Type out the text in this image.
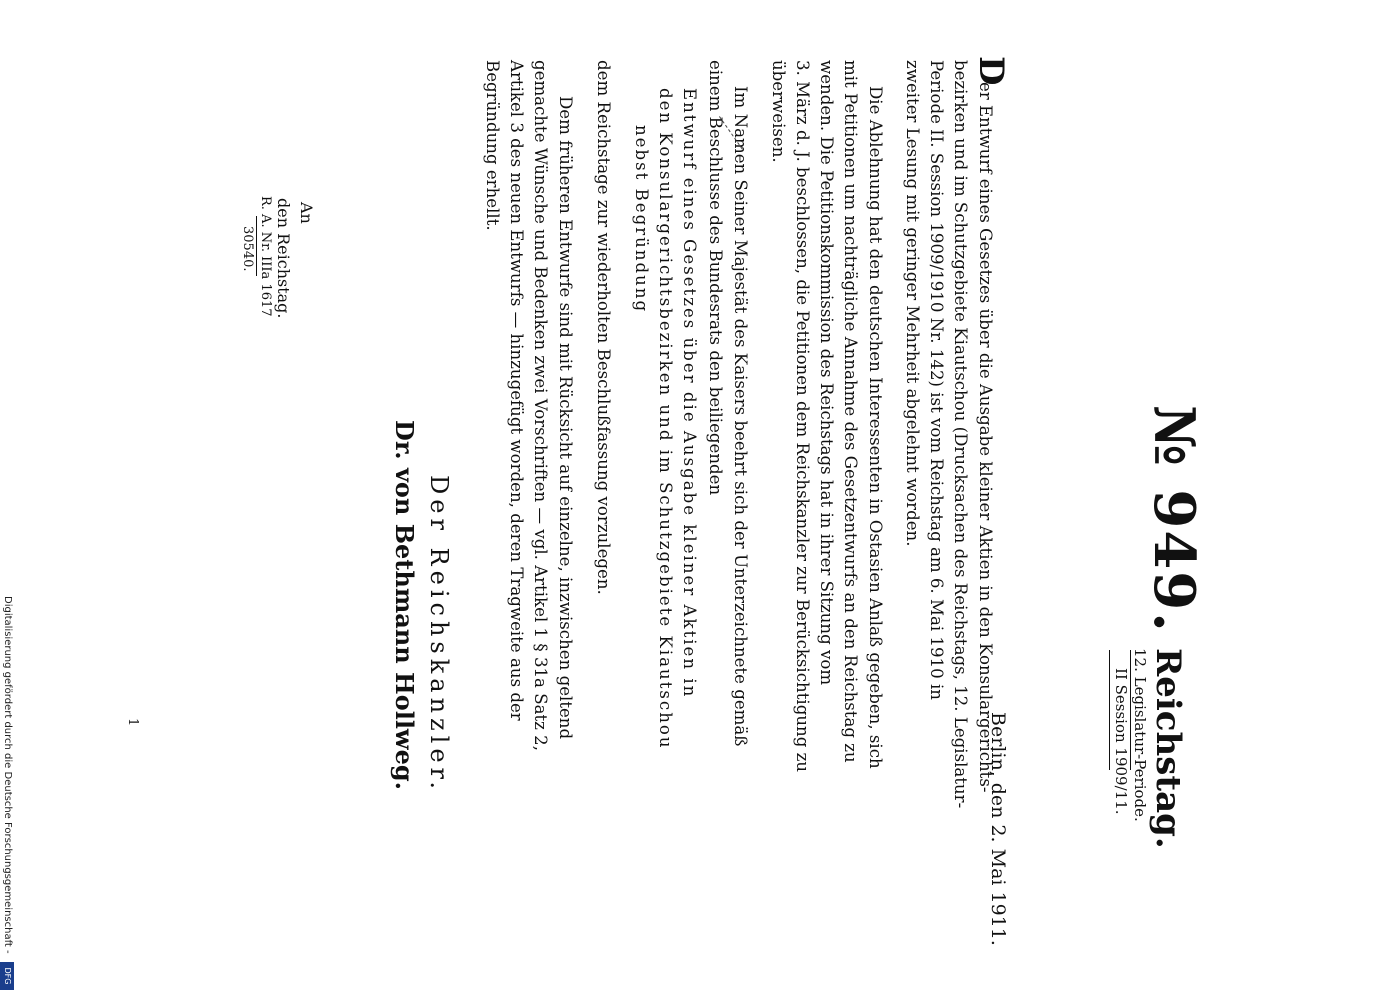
№ 949.
Reichstag.
12. Legislatur-Periode.
II Session 1909/11.
Berlin, den 2. Mai 1911.
D
er Entwurf eines Gesetzes über die Ausgabe kleiner Aktien in den Konsulargerichts-
bezirken und im Schutzgebiete Kiautschou (Drucksachen des Reichstags, 12. Legislatur-
Periode II. Session 1909/1910 Nr. 142) ist vom Reichstag am 6. Mai 1910 in
zweiter Lesung mit geringer Mehrheit abgelehnt worden.
Die Ablehnung hat den deutschen Interessenten in Ostasien Anlaß gegeben, sich
mit Petitionen um nachträgliche Annahme des Gesetzentwurfs an den Reichstag zu
wenden. Die Petitionskommission des Reichstags hat in ihrer Sitzung vom
3. März d. J. beschlossen, die Petitionen dem Reichskanzler zur Berücksichtigung zu
überweisen.
Im Namen Seiner Majestät des Kaisers beehrt sich der Unterzeichnete gemäß
einem Beschlusse des Bundesrats den beiliegenden
Entwurf eines Gesetzes über die Ausgabe kleiner Aktien in
den Konsulargerichtsbezirken und im Schutzgebiete Kiautschou
nebst Begründung
dem Reichstage zur wiederholten Beschlußfassung vorzulegen.
Dem früheren Entwurfe sind mit Rücksicht auf einzelne, inzwischen geltend
gemachte Wünsche und Bedenken zwei Vorschriften — vgl. Artikel 1 § 31a Satz 2,
Artikel 3 des neuen Entwurfs — hinzugefügt worden, deren Tragweite aus der
Begründung erhellt.
Der Reichskanzler.
Dr. von Bethmann Hollweg.
An
den Reichstag.
R. A. Nr. IIIa 1617
30540.
1
Digitalisierung gefördert durch die Deutsche Forschungsgemeinschaft -
DFG
